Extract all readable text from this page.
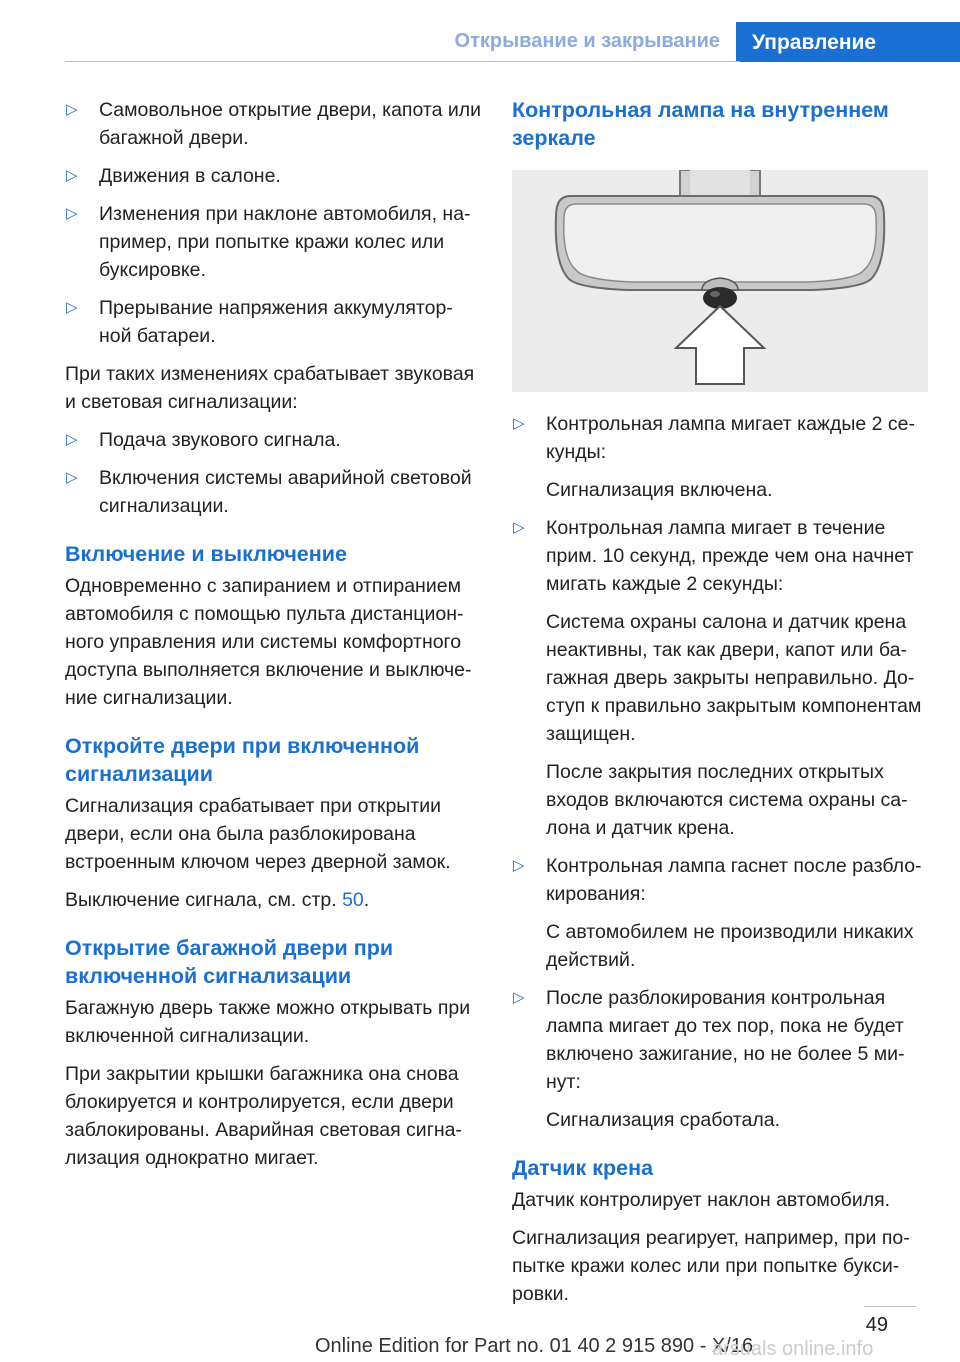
Открывание и закрывание	Управление
▷ Самовольное открытие двери, капота или багажной двери.
▷ Движения в салоне.
▷ Изменения при наклоне автомобиля, на-пример, при попытке кражи колес или буксировке.
▷ Прерывание напряжения аккумулятор-ной батареи.

При таких изменениях срабатывает звуковая и световая сигнализации:

▷ Подача звукового сигнала.
▷ Включения системы аварийной световой сигнализации.
Включение и выключение

Одновременно с запиранием и отпиранием автомобиля с помощью пульта дистанцион-ного управления или системы комфортного доступа выполняется включение и выключе-ние сигнализации.

Откройте двери при включенной сигнализации

Сигнализация срабатывает при открытии двери, если она была разблокирована встроенным ключом через дверной замок.

Выключение сигнала, см. стр. 50.

Открытие багажной двери при включенной сигнализации

Багажную дверь также можно открывать при включенной сигнализации.

При закрытии крышки багажника она снова блокируется и контролируется, если двери заблокированы. Аварийная световая сигна-лизация однократно мигает.

Контрольная лампа на внутреннем зеркале
▷ Контрольная лампа мигает каждые 2 се-кунды:
Сигнализация включена.
▷ Контрольная лампа мигает в течение прим. 10 секунд, прежде чем она начнет мигать каждые 2 секунды:
Система охраны салона и датчик крена неактивны, так как двери, капот или ба-гажная дверь закрыты неправильно. До-ступ к правильно закрытым компонентам защищен.
После закрытия последних открытых входов включаются система охраны са-лона и датчик крена.
▷ Контрольная лампа гаснет после разбло-кирования:
С автомобилем не производили никаких действий.
▷ После разблокирования контрольная лампа мигает до тех пор, пока не будет включено зажигание, но не более 5 ми-нут:
Сигнализация сработала.
Датчик крена

Датчик контролирует наклон автомобиля.

Сигнализация реагирует, например, при по-пытке кражи колес или при попытке букси-ровки.

49
Online Edition for Part no. 01 40 2 915 890 - X/16
arsuals online.info
